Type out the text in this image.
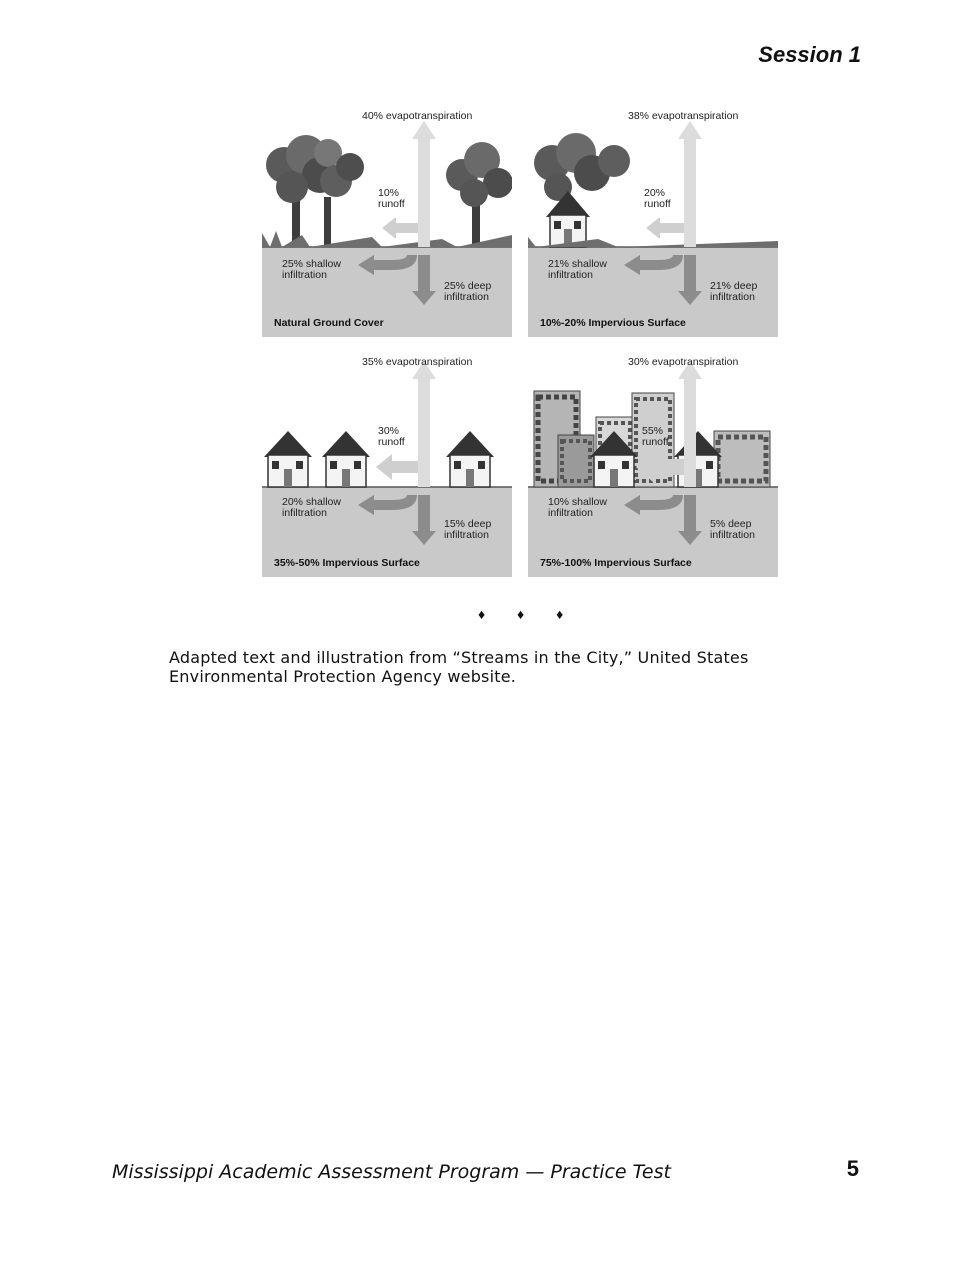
Session 1
40% evapotranspiration
10%
runoff
25% shallow
infiltration
25% deep
infiltration
Natural Ground Cover
38% evapotranspiration
20%
runoff
21% shallow
infiltration
21% deep
infiltration
10%-20% Impervious Surface
35% evapotranspiration
30%
runoff
20% shallow
infiltration
15% deep
infiltration
35%-50% Impervious Surface
30% evapotranspiration
55%
runoff
10% shallow
infiltration
5% deep
infiltration
75%-100% Impervious Surface
♦ ♦ ♦
Adapted text and illustration from “Streams in the City,” United States Environmental Protection Agency website.
Mississippi Academic Assessment Program — Practice Test	5
